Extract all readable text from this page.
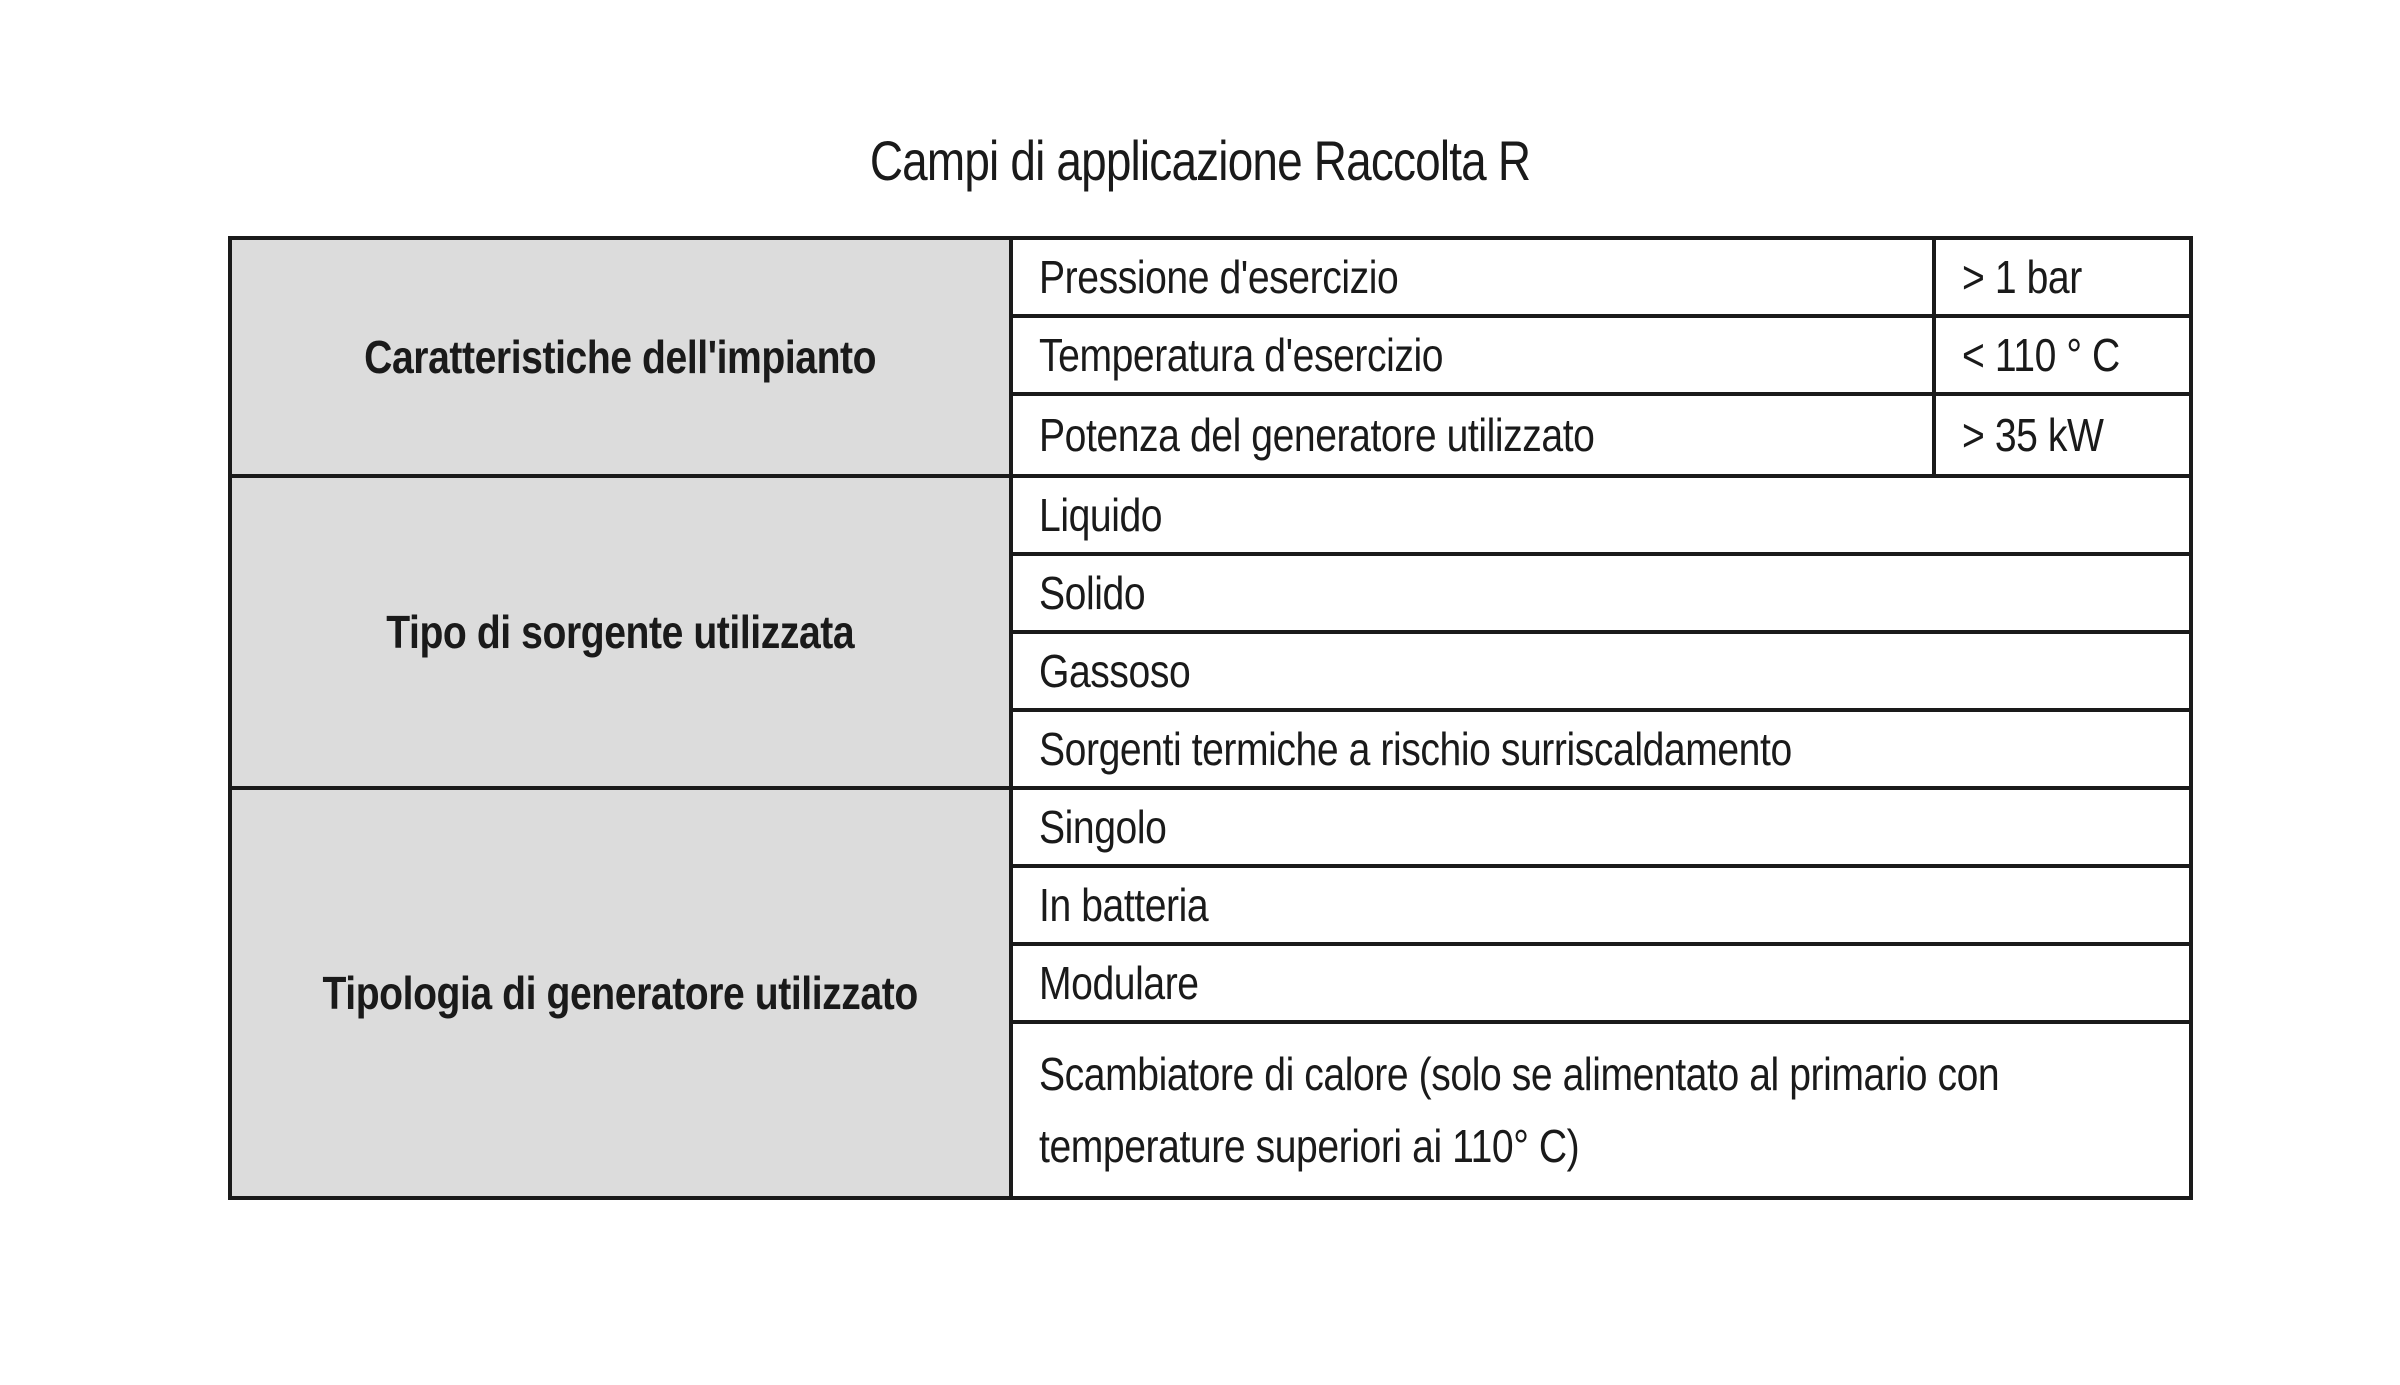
Campi di applicazione Raccolta R
Caratteristiche dell'impianto	Pressione d'esercizio	> 1 bar
	Temperatura d'esercizio	< 110 ° C
	Potenza del generatore utilizzato	> 35 kW
Tipo di sorgente utilizzata	Liquido	
	Solido	
	Gassoso	
	Sorgenti termiche a rischio surriscaldamento	
Tipologia di generatore utilizzato	Singolo	
	In batteria	
	Modulare	

	Scambiatore di calore (solo se alimentato al primario con temperature superiori ai 110° C)	
